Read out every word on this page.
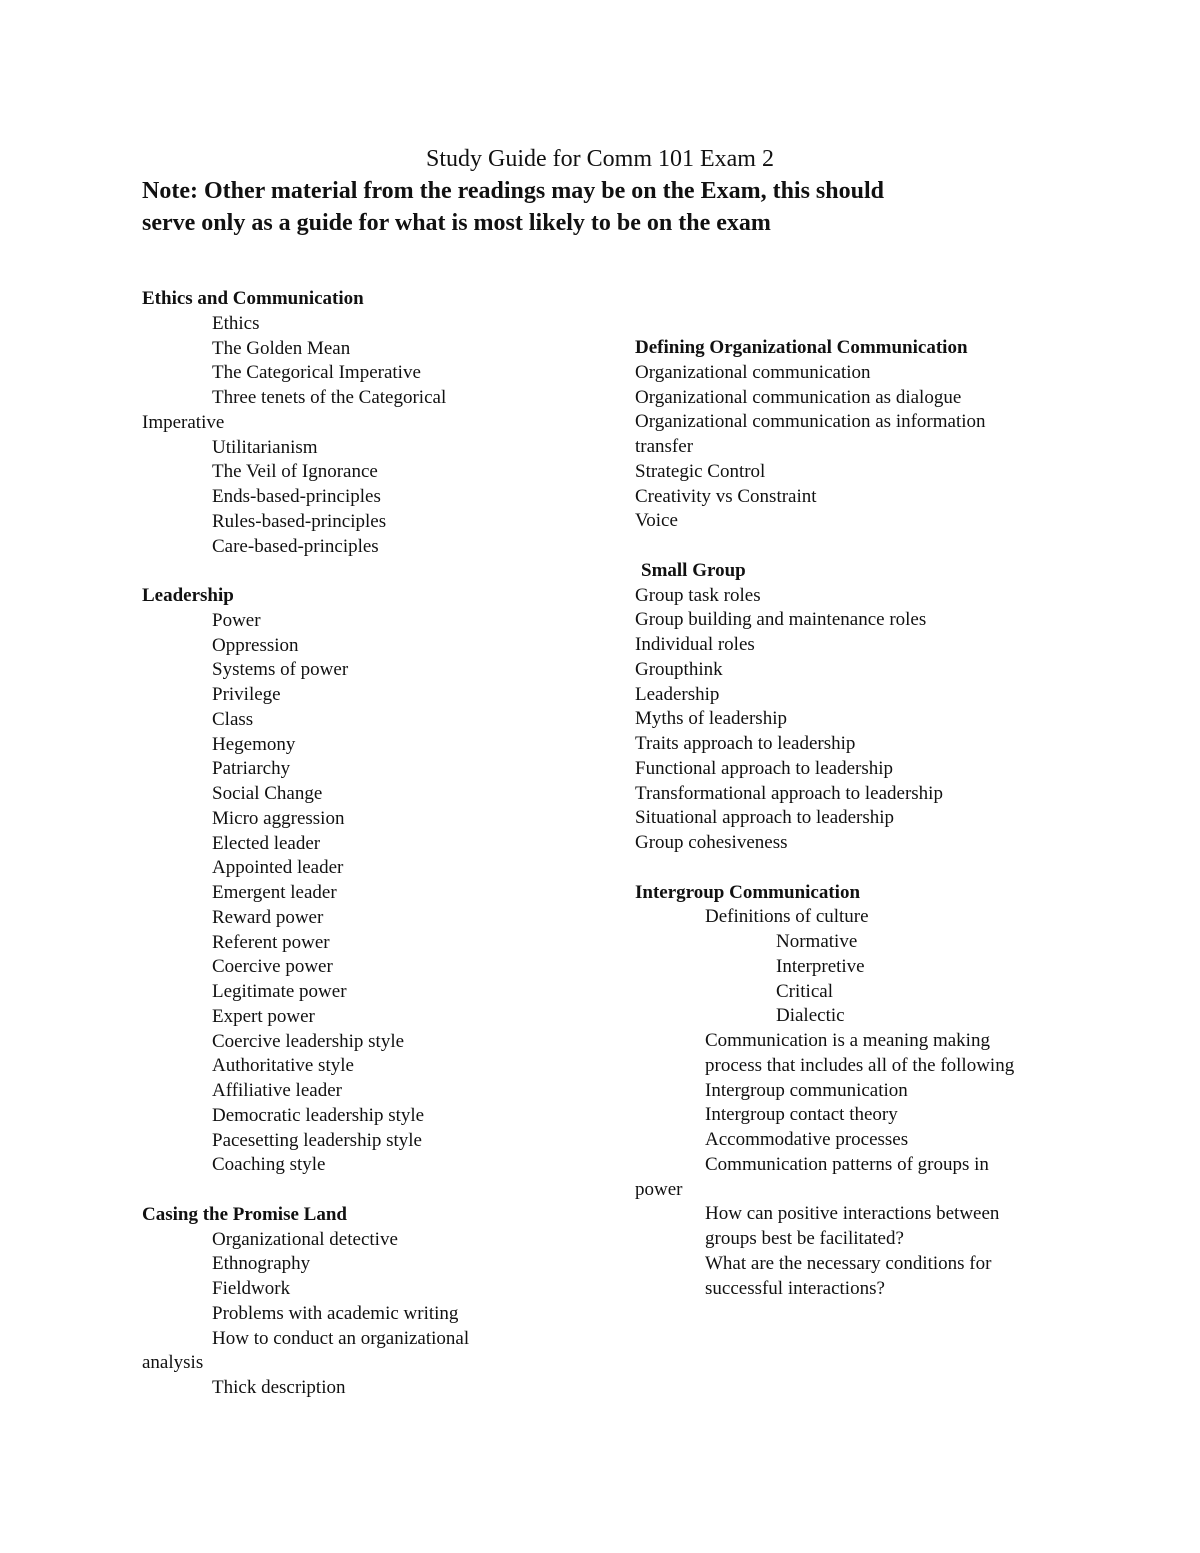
Study Guide for Comm 101 Exam 2
Note: Other material from the readings may be on the Exam, this should
serve only as a guide for what is most likely to be on the exam
Ethics and Communication
Ethics
The Golden Mean
The Categorical Imperative
Three tenets of the Categorical
Imperative
Utilitarianism
The Veil of Ignorance
Ends-based-principles
Rules-based-principles
Care-based-principles
Leadership
Power
Oppression
Systems of power
Privilege
Class
Hegemony
Patriarchy
Social Change
Micro aggression
Elected leader
Appointed leader
Emergent leader
Reward power
Referent power
Coercive power
Legitimate power
Expert power
Coercive leadership style
Authoritative style
Affiliative leader
Democratic leadership style
Pacesetting leadership style
Coaching style
Casing the Promise Land
Organizational detective
Ethnography
Fieldwork
Problems with academic writing
How to conduct an organizational
analysis
Thick description
Defining Organizational Communication
Organizational communication
Organizational communication as dialogue
Organizational communication as information
transfer
Strategic Control
Creativity vs Constraint
Voice
Small Group
Group task roles
Group building and maintenance roles
Individual roles
Groupthink
Leadership
Myths of leadership
Traits approach to leadership
Functional approach to leadership
Transformational approach to leadership
Situational approach to leadership
Group cohesiveness
Intergroup Communication
Definitions of culture
Normative
Interpretive
Critical
Dialectic
Communication is a meaning making
process that includes all of the following
Intergroup communication
Intergroup contact theory
Accommodative processes
Communication patterns of groups in
power
How can positive interactions between
groups best be facilitated?
What are the necessary conditions for
successful interactions?
